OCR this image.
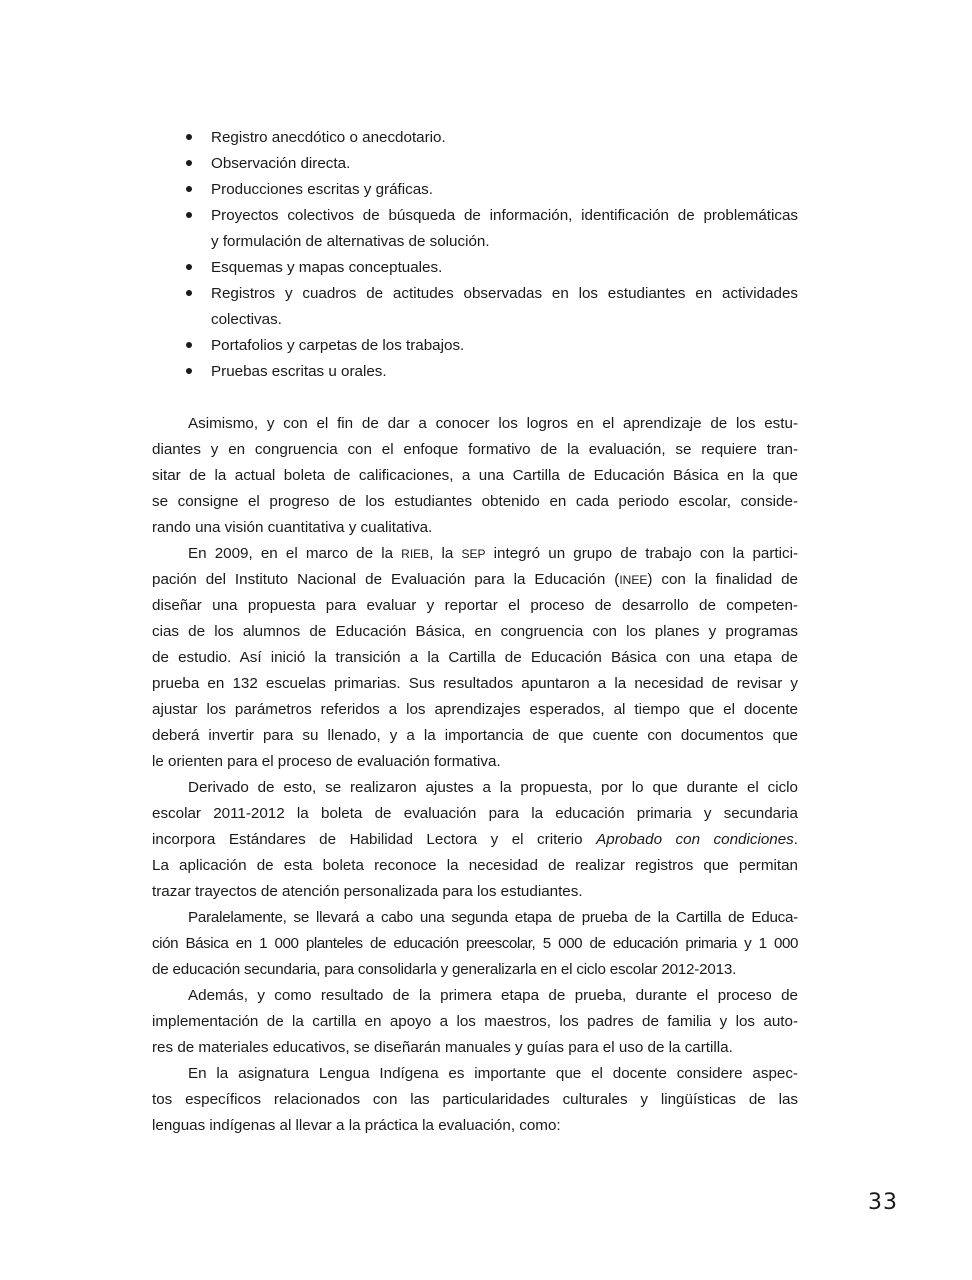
Registro anecdótico o anecdotario.
Observación directa.
Producciones escritas y gráficas.
Proyectos colectivos de búsqueda de información, identificación de problemáticas
y formulación de alternativas de solución.
Esquemas y mapas conceptuales.
Registros y cuadros de actitudes observadas en los estudiantes en actividades
colectivas.
Portafolios y carpetas de los trabajos.
Pruebas escritas u orales.

Asimismo, y con el fin de dar a conocer los logros en el aprendizaje de los estu-
diantes y en congruencia con el enfoque formativo de la evaluación, se requiere tran-
sitar de la actual boleta de calificaciones, a una Cartilla de Educación Básica en la que
se consigne el progreso de los estudiantes obtenido en cada periodo escolar, conside-
rando una visión cuantitativa y cualitativa.

En 2009, en el marco de la RIEB, la SEP integró un grupo de trabajo con la partici-
pación del Instituto Nacional de Evaluación para la Educación (INEE) con la finalidad de
diseñar una propuesta para evaluar y reportar el proceso de desarrollo de competen-
cias de los alumnos de Educación Básica, en congruencia con los planes y programas
de estudio. Así inició la transición a la Cartilla de Educación Básica con una etapa de
prueba en 132 escuelas primarias. Sus resultados apuntaron a la necesidad de revisar y
ajustar los parámetros referidos a los aprendizajes esperados, al tiempo que el docente
deberá invertir para su llenado, y a la importancia de que cuente con documentos que
le orienten para el proceso de evaluación formativa.

Derivado de esto, se realizaron ajustes a la propuesta, por lo que durante el ciclo
escolar 2011-2012 la boleta de evaluación para la educación primaria y secundaria
incorpora Estándares de Habilidad Lectora y el criterio Aprobado con condiciones.
La aplicación de esta boleta reconoce la necesidad de realizar registros que permitan
trazar trayectos de atención personalizada para los estudiantes.

Paralelamente, se llevará a cabo una segunda etapa de prueba de la Cartilla de Educa-
ción Básica en 1 000 planteles de educación preescolar, 5 000 de educación primaria y 1 000
de educación secundaria, para consolidarla y generalizarla en el ciclo escolar 2012-2013.

Además, y como resultado de la primera etapa de prueba, durante el proceso de
implementación de la cartilla en apoyo a los maestros, los padres de familia y los auto-
res de materiales educativos, se diseñarán manuales y guías para el uso de la cartilla.

En la asignatura Lengua Indígena es importante que el docente considere aspec-
tos específicos relacionados con las particularidades culturales y lingüísticas de las
lenguas indígenas al llevar a la práctica la evaluación, como:

33
